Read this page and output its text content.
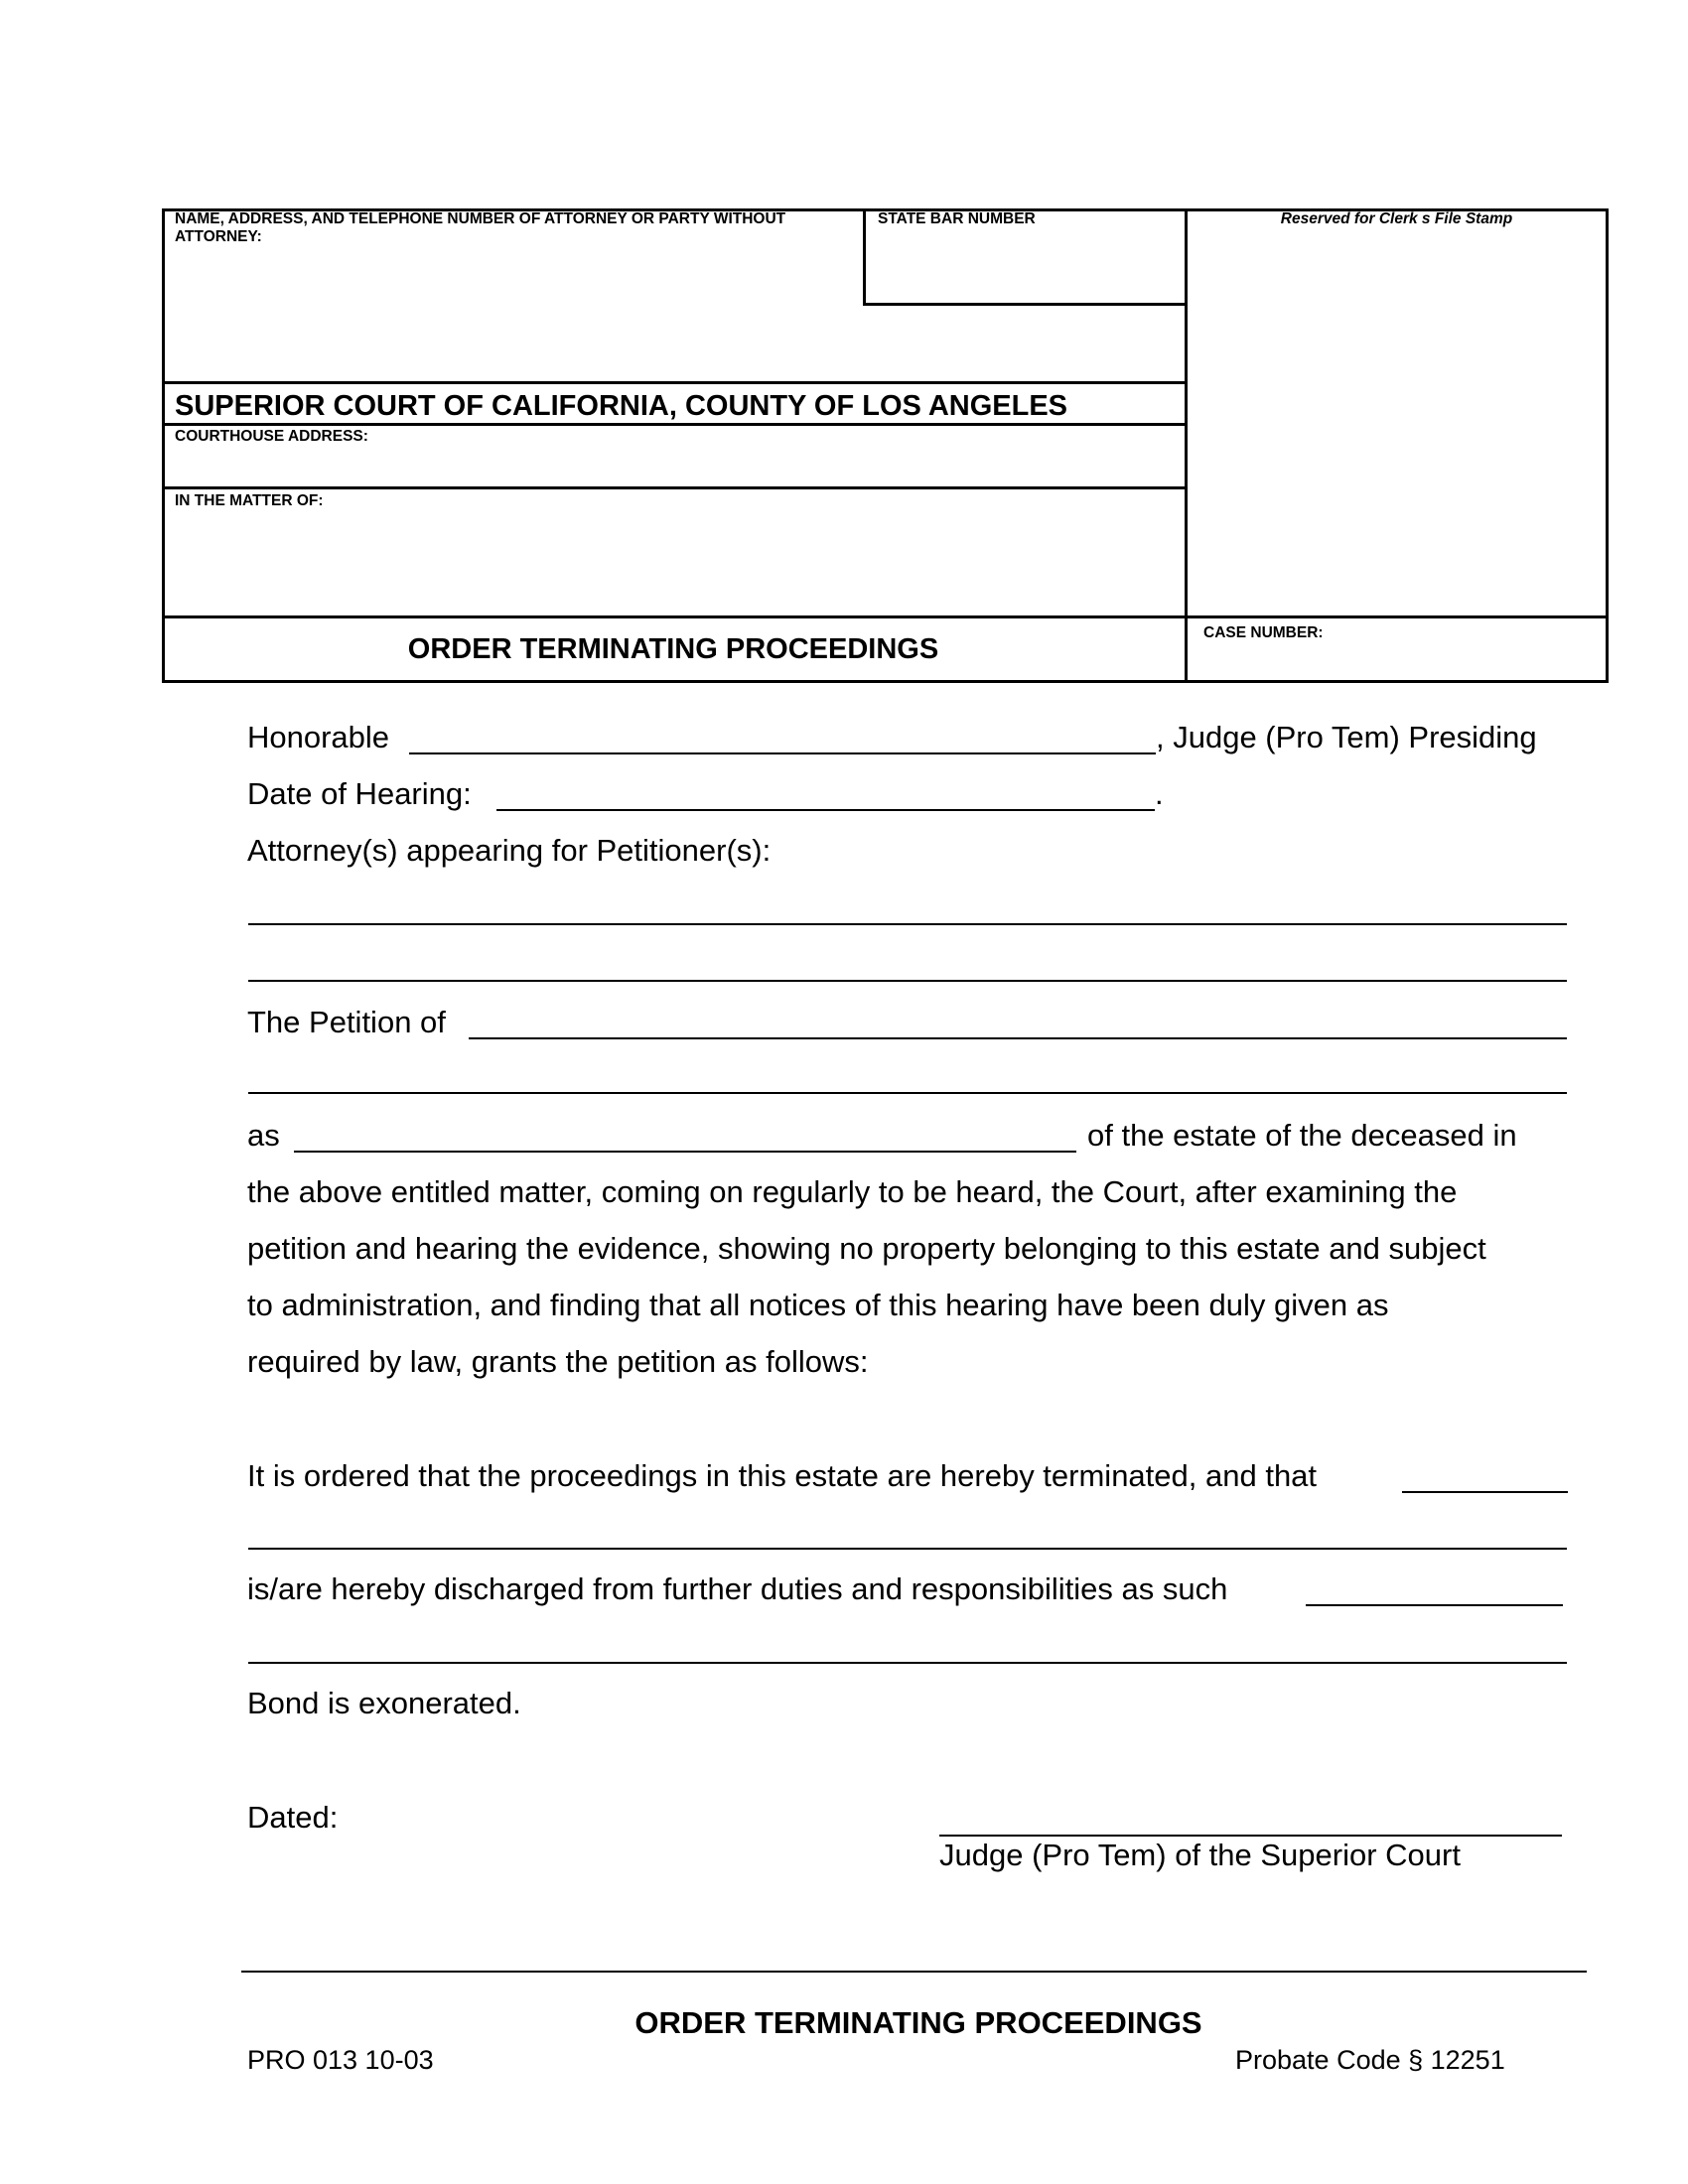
NAME, ADDRESS, AND TELEPHONE NUMBER OF ATTORNEY OR PARTY WITHOUT ATTORNEY:
STATE BAR NUMBER	Reserved for Clerk s File Stamp
SUPERIOR COURT OF CALIFORNIA, COUNTY OF LOS ANGELES
COURTHOUSE ADDRESS:
IN THE MATTER OF:
ORDER TERMINATING PROCEEDINGS
CASE NUMBER:
Honorable	, Judge (Pro Tem) Presiding
Date of Hearing:	.
Attorney(s) appearing for Petitioner(s):
The Petition of
as	of the estate of the deceased in
the above entitled matter, coming on regularly to be heard, the Court, after examining the
petition and hearing the evidence, showing no property belonging to this estate and subject
to administration, and finding that all notices of this hearing have been duly given as
required by law, grants the petition as follows:
It is ordered that the proceedings in this estate are hereby terminated, and that
is/are hereby discharged from further duties and responsibilities as such
Bond is exonerated.
Dated:
Judge (Pro Tem) of the Superior Court
ORDER TERMINATING PROCEEDINGS
PRO 013 10-03	Probate Code § 12251
